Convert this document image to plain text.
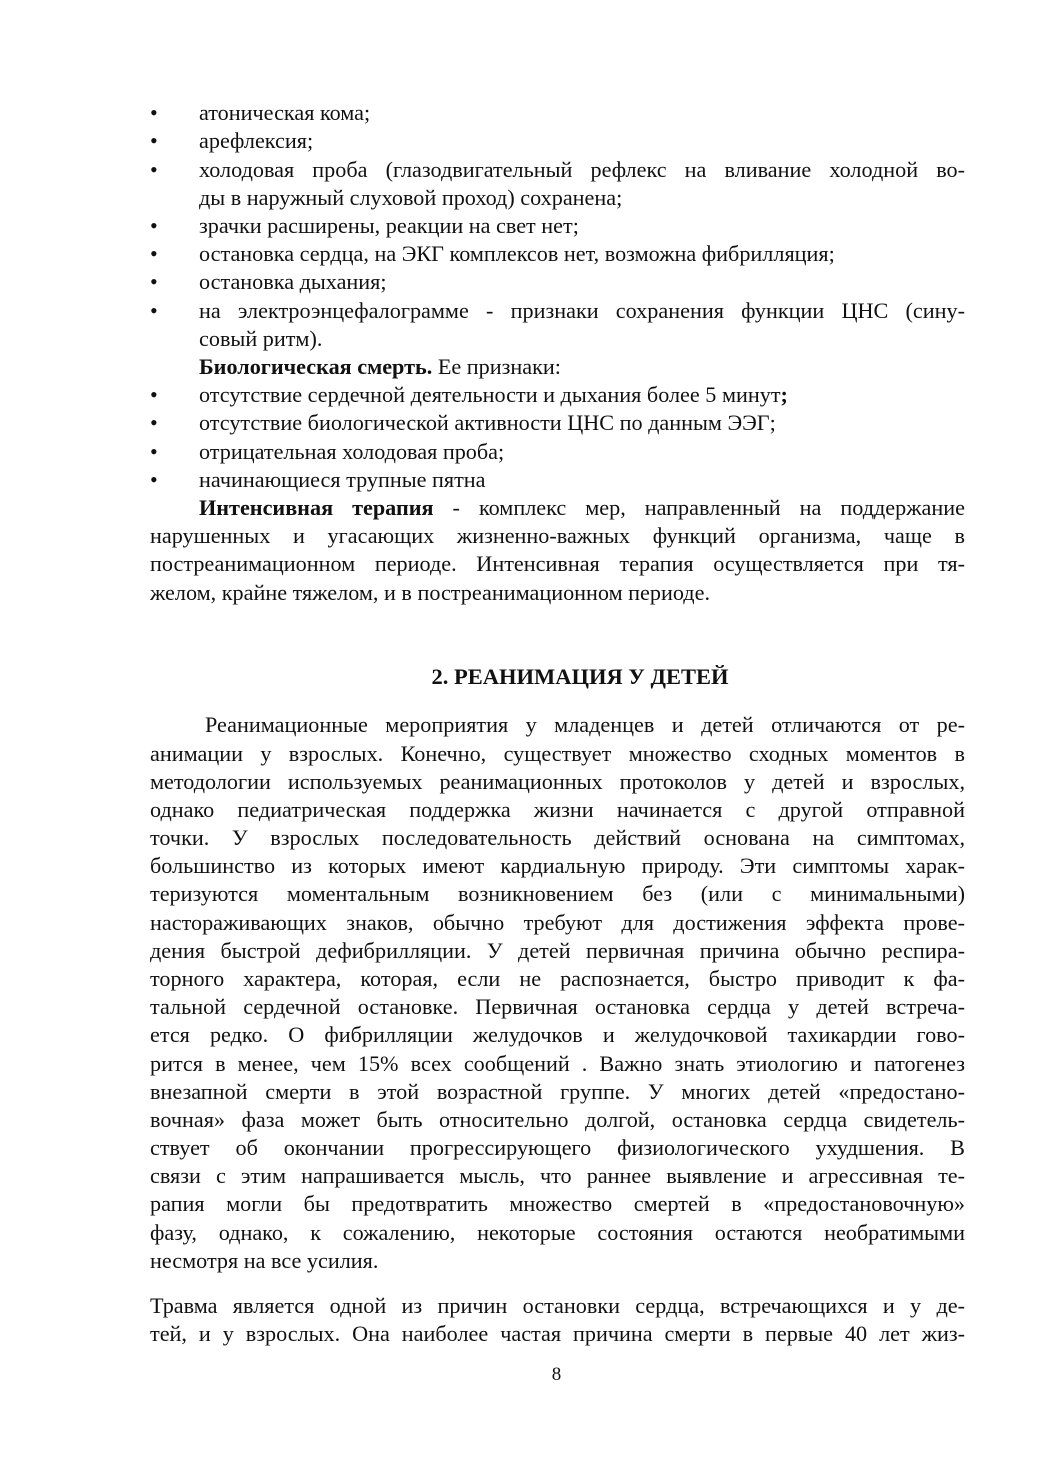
• атоническая кома;

• арефлексия;

• холодовая проба (глазодвигательный рефлекс на вливание холодной во-

ды в наружный слуховой проход) сохранена;

• зрачки расширены, реакции на свет нет;

• остановка сердца, на ЭКГ комплексов нет, возможна фибрилляция;

• остановка дыхания;

• на электроэнцефалограмме - признаки сохранения функции ЦНС (сину-

совый ритм).

Биологическая смерть. Ее признаки:

• отсутствие сердечной деятельности и дыхания более 5 минут;

• отсутствие биологической активности ЦНС по данным ЭЭГ;

• отрицательная холодовая проба;

• начинающиеся трупные пятна

Интенсивная терапия - комплекс мер, направленный на поддержание

нарушенных и угасающих жизненно-важных функций организма, чаще в

постреанимационном периоде. Интенсивная терапия осуществляется при тя-

желом, крайне тяжелом, и в постреанимационном периоде.

2. РЕАНИМАЦИЯ У ДЕТЕЙ

Реанимационные мероприятия у младенцев и детей отличаются от ре-

анимации у взрослых. Конечно, существует множество сходных моментов в

методологии используемых реанимационных протоколов у детей и взрослых,

однако педиатрическая поддержка жизни начинается с другой отправной

точки. У взрослых последовательность действий основана на симптомах,

большинство из которых имеют кардиальную природу. Эти симптомы харак-

теризуются моментальным возникновением без (или с минимальными)

настораживающих знаков, обычно требуют для достижения эффекта прове-

дения быстрой дефибрилляции. У детей первичная причина обычно респира-

торного характера, которая, если не распознается, быстро приводит к фа-

тальной сердечной остановке. Первичная остановка сердца у детей встреча-

ется редко. О фибрилляции желудочков и желудочковой тахикардии гово-

рится в менее, чем 15% всех сообщений . Важно знать этиологию и патогенез

внезапной смерти в этой возрастной группе. У многих детей «предостано-

вочная» фаза может быть относительно долгой, остановка сердца свидетель-

ствует об окончании прогрессирующего физиологического ухудшения. В

связи с этим напрашивается мысль, что раннее выявление и агрессивная те-

рапия могли бы предотвратить множество смертей в «предостановочную»

фазу, однако, к сожалению, некоторые состояния остаются необратимыми

несмотря на все усилия.

Травма является одной из причин остановки сердца, встречающихся и у де-

тей, и у взрослых. Она наиболее частая причина смерти в первые 40 лет жиз-

8
